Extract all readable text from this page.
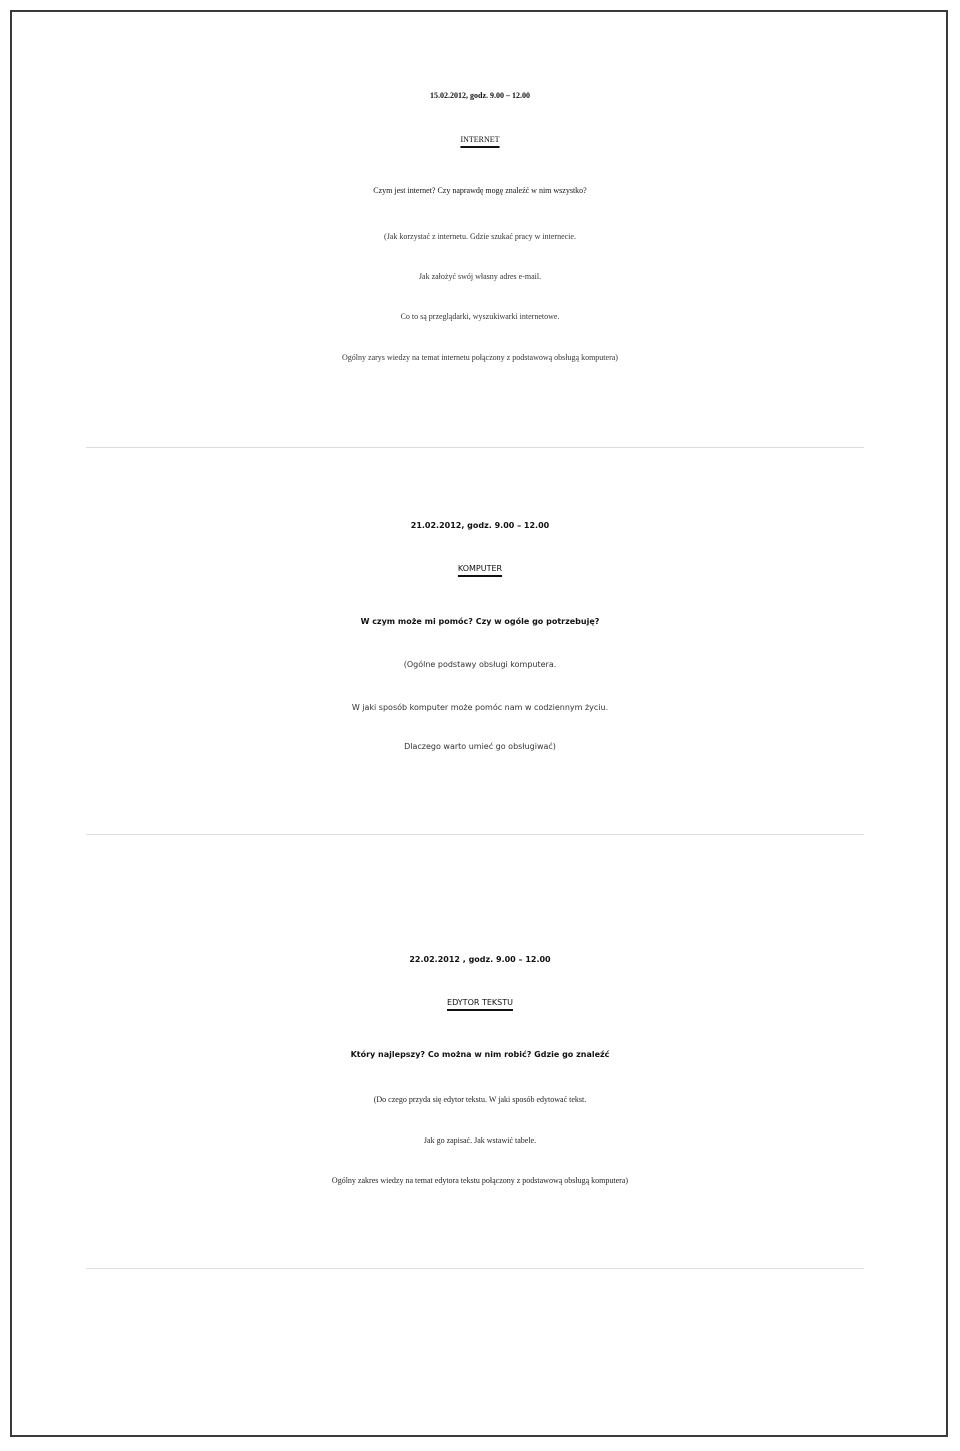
15.02.2012, godz. 9.00 – 12.00
INTERNET
Czym jest internet? Czy naprawdę mogę znaleźć w nim wszystko?
(Jak korzystać z internetu. Gdzie szukać pracy w internecie.
Jak założyć swój własny adres e-mail.
Co to są przeglądarki, wyszukiwarki internetowe.
Ogólny zarys wiedzy na temat internetu połączony z podstawową obsługą komputera)
21.02.2012, godz. 9.00 – 12.00
KOMPUTER
W czym może mi pomóc? Czy w ogóle go potrzebuję?
(Ogólne podstawy obsługi komputera.
W jaki sposób komputer może pomóc nam w codziennym życiu.
Dlaczego warto umieć go obsługiwać)
22.02.2012 , godz. 9.00 – 12.00
EDYTOR TEKSTU
Który najlepszy? Co można w nim robić? Gdzie go znaleźć
(Do czego przyda się edytor tekstu. W jaki sposób edytować tekst.
Jak go zapisać. Jak wstawić tabele.
Ogólny zakres wiedzy na temat edytora tekstu połączony z podstawową obsługą komputera)
